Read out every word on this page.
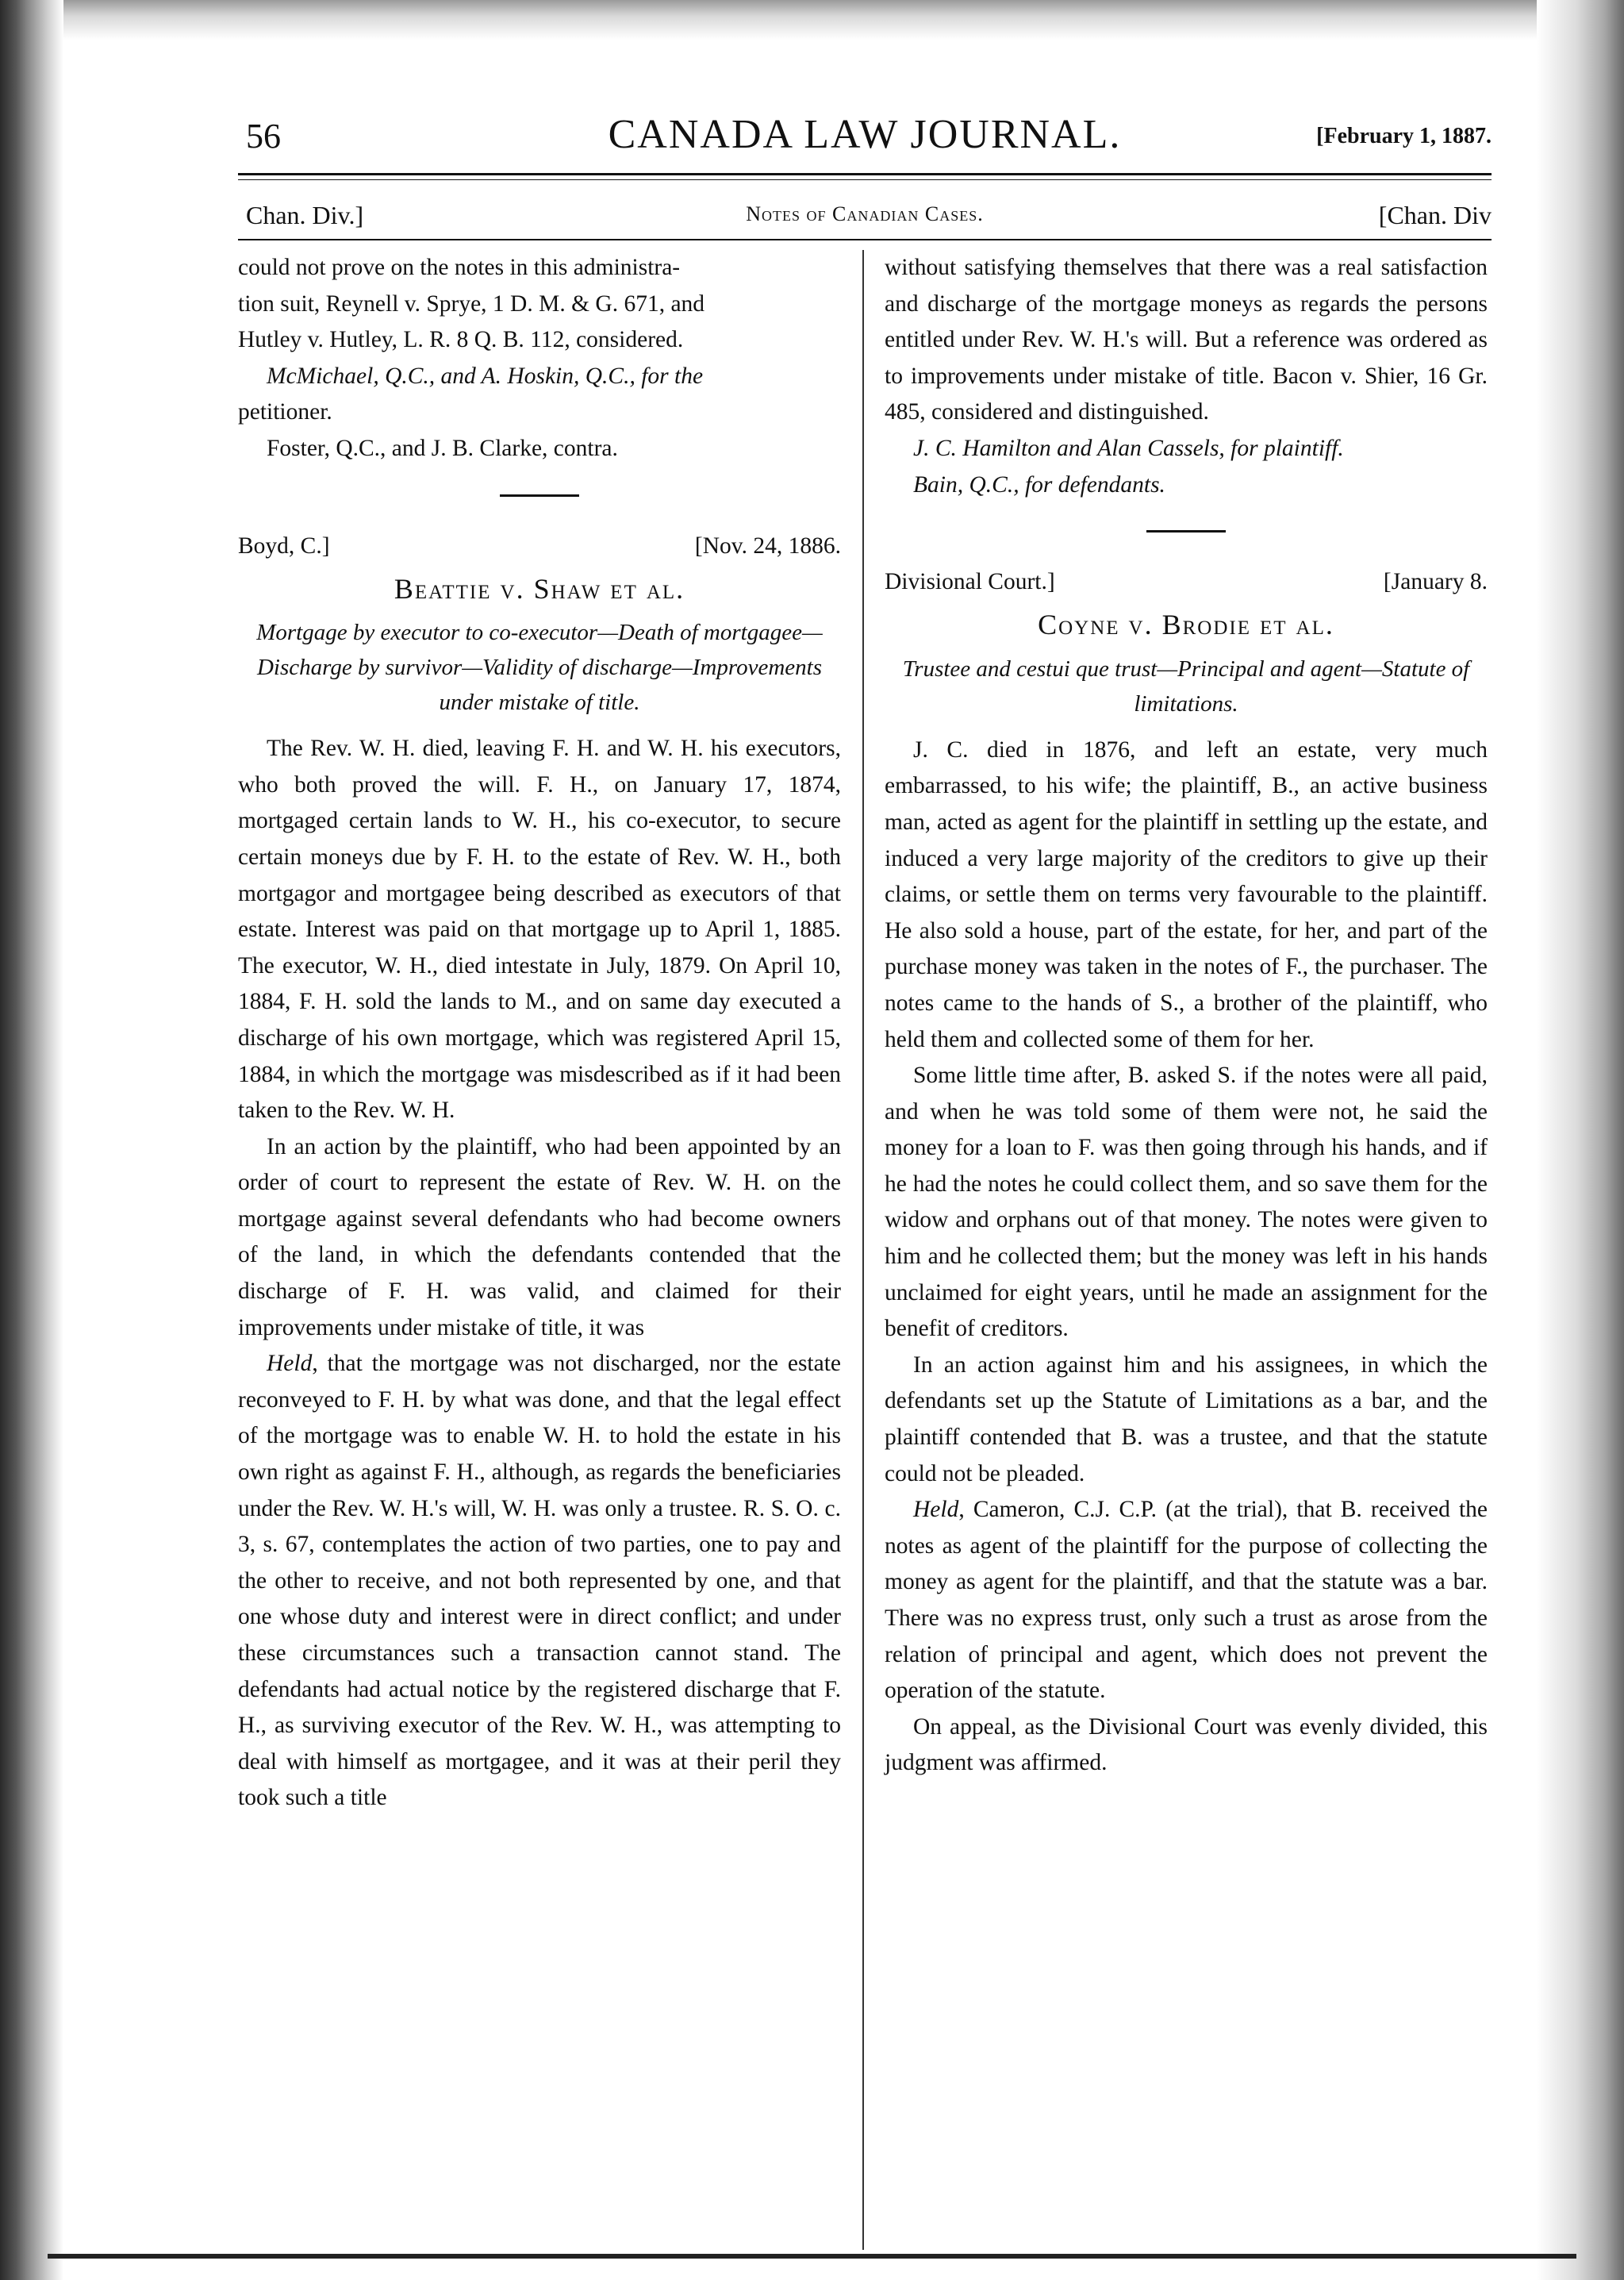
56	CANADA LAW JOURNAL.	[February 1, 1887.
Chan. Div.]	Notes of Canadian Cases.	[Chan. Div

could not prove on the notes in this administra-

tion suit, Reynell v. Sprye, 1 D. M. & G. 671, and

Hutley v. Hutley, L. R. 8 Q. B. 112, considered.

McMichael, Q.C., and A. Hoskin, Q.C., for the

petitioner.

Foster, Q.C., and J. B. Clarke, contra.

Boyd, C.]	[Nov. 24, 1886.
Beattie v. Shaw et al.
Mortgage by executor to co-executor—Death of mortgagee—Discharge by survivor—Validity of discharge—Improvements under mistake of title.

The Rev. W. H. died, leaving F. H. and W. H. his executors, who both proved the will. F. H., on January 17, 1874, mortgaged certain lands to W. H., his co-executor, to secure certain moneys due by F. H. to the estate of Rev. W. H., both mortgagor and mortgagee being described as executors of that estate. Interest was paid on that mortgage up to April 1, 1885. The executor, W. H., died intestate in July, 1879. On April 10, 1884, F. H. sold the lands to M., and on same day executed a discharge of his own mortgage, which was registered April 15, 1884, in which the mortgage was misdescribed as if it had been taken to the Rev. W. H.

In an action by the plaintiff, who had been appointed by an order of court to represent the estate of Rev. W. H. on the mortgage against several defendants who had become owners of the land, in which the defendants contended that the discharge of F. H. was valid, and claimed for their improvements under mistake of title, it was

Held, that the mortgage was not discharged, nor the estate reconveyed to F. H. by what was done, and that the legal effect of the mortgage was to enable W. H. to hold the estate in his own right as against F. H., although, as regards the beneficiaries under the Rev. W. H.'s will, W. H. was only a trustee. R. S. O. c. 3, s. 67, contemplates the action of two parties, one to pay and the other to receive, and not both represented by one, and that one whose duty and interest were in direct conflict; and under these circumstances such a transaction cannot stand. The defendants had actual notice by the registered discharge that F. H., as surviving executor of the Rev. W. H., was attempting to deal with himself as mortgagee, and it was at their peril they took such a title

without satisfying themselves that there was a real satisfaction and discharge of the mortgage moneys as regards the persons entitled under Rev. W. H.'s will. But a reference was ordered as to improvements under mistake of title. Bacon v. Shier, 16 Gr. 485, considered and distinguished.

J. C. Hamilton and Alan Cassels, for plaintiff.

Bain, Q.C., for defendants.

Divisional Court.]	[January 8.
Coyne v. Brodie et al.
Trustee and cestui que trust—Principal and agent—Statute of limitations.

J. C. died in 1876, and left an estate, very much embarrassed, to his wife; the plaintiff, B., an active business man, acted as agent for the plaintiff in settling up the estate, and induced a very large majority of the creditors to give up their claims, or settle them on terms very favourable to the plaintiff. He also sold a house, part of the estate, for her, and part of the purchase money was taken in the notes of F., the purchaser. The notes came to the hands of S., a brother of the plaintiff, who held them and collected some of them for her.

Some little time after, B. asked S. if the notes were all paid, and when he was told some of them were not, he said the money for a loan to F. was then going through his hands, and if he had the notes he could collect them, and so save them for the widow and orphans out of that money. The notes were given to him and he collected them; but the money was left in his hands unclaimed for eight years, until he made an assignment for the benefit of creditors.

In an action against him and his assignees, in which the defendants set up the Statute of Limitations as a bar, and the plaintiff contended that B. was a trustee, and that the statute could not be pleaded.

Held, Cameron, C.J. C.P. (at the trial), that B. received the notes as agent of the plaintiff for the purpose of collecting the money as agent for the plaintiff, and that the statute was a bar. There was no express trust, only such a trust as arose from the relation of principal and agent, which does not prevent the operation of the statute.

On appeal, as the Divisional Court was evenly divided, this judgment was affirmed.
